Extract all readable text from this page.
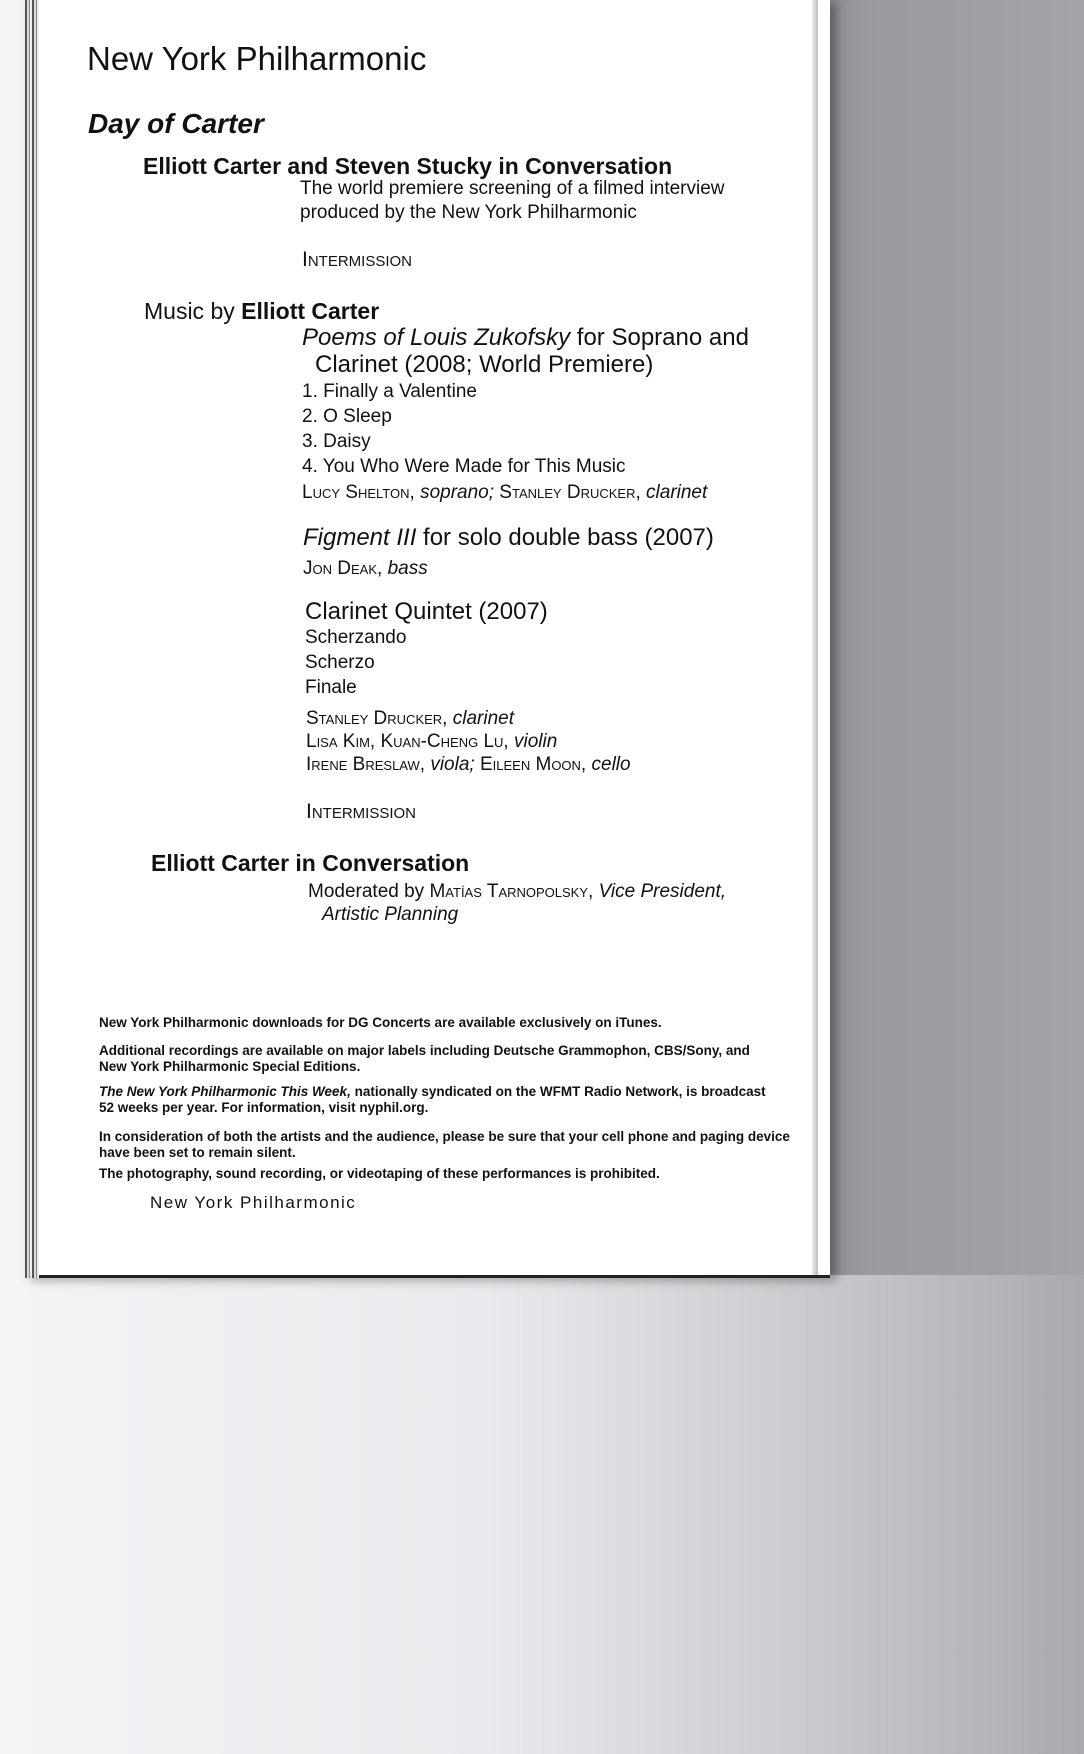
New York Philharmonic
Day of Carter
Elliott Carter and Steven Stucky in Conversation
The world premiere screening of a filmed interview
produced by the New York Philharmonic
Intermission
Music by Elliott Carter
Poems of Louis Zukofsky for Soprano and
Clarinet (2008; World Premiere)
1. Finally a Valentine
2. O Sleep
3. Daisy
4. You Who Were Made for This Music
Lucy Shelton, soprano; Stanley Drucker, clarinet
Figment III for solo double bass (2007)
Jon Deak, bass
Clarinet Quintet (2007)
Scherzando
Scherzo
Finale
Stanley Drucker, clarinet
Lisa Kim, Kuan-Cheng Lu, violin
Irene Breslaw, viola; Eileen Moon, cello
Intermission
Elliott Carter in Conversation
Moderated by Matías Tarnopolsky, Vice President,
Artistic Planning
New York Philharmonic downloads for DG Concerts are available exclusively on iTunes.
Additional recordings are available on major labels including Deutsche Grammophon, CBS/Sony, and
New York Philharmonic Special Editions.
The New York Philharmonic This Week, nationally syndicated on the WFMT Radio Network, is broadcast
52 weeks per year. For information, visit nyphil.org.
In consideration of both the artists and the audience, please be sure that your cell phone and paging device
have been set to remain silent.
The photography, sound recording, or videotaping of these performances is prohibited.
New York Philharmonic
